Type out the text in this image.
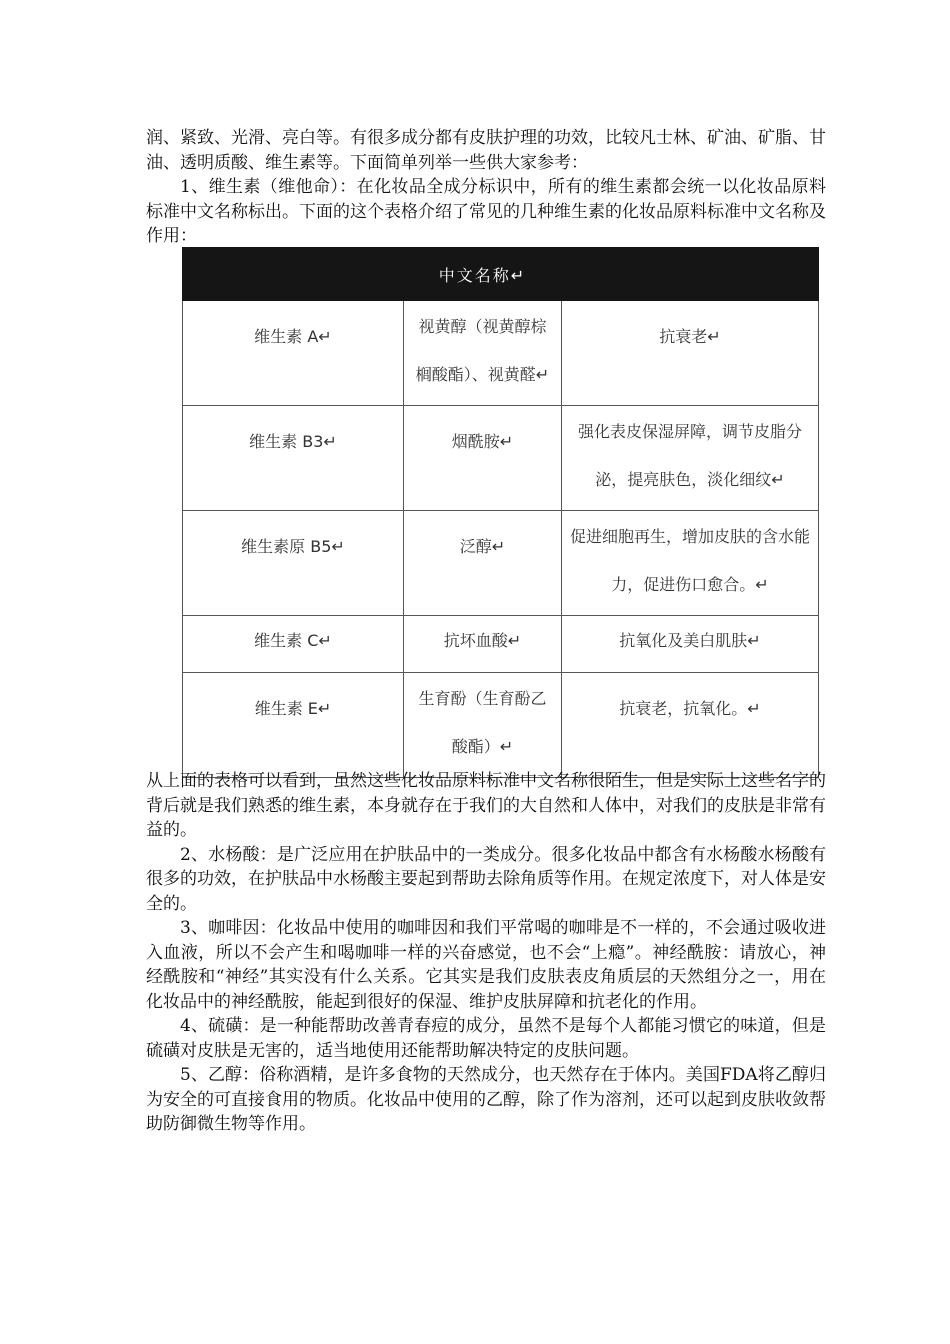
润、紧致、光滑、亮白等。有很多成分都有皮肤护理的功效，比较凡士林、矿油、矿脂、甘油、透明质酸、维生素等。下面简单列举一些供大家参考：

1、维生素（维他命）：在化妆品全成分标识中，所有的维生素都会统一以化妆品原料标准中文名称标出。下面的这个表格介绍了常见的几种维生素的化妆品原料标准中文名称及作用：

	中文名称↵	
维生素 A↵	视黄醇（视黄醇棕榈酸酯）、视黄醛↵	抗衰老↵
维生素 B3↵	烟酰胺↵	强化表皮保湿屏障，调节皮脂分泌，提亮肤色，淡化细纹↵
维生素原 B5↵	泛醇↵	促进细胞再生，增加皮肤的含水能力，促进伤口愈合。↵
维生素 C↵	抗坏血酸↵	抗氧化及美白肌肤↵
维生素 E↵	生育酚（生育酚乙酸酯）↵	抗衰老，抗氧化。↵

从上面的表格可以看到，虽然这些化妆品原料标准中文名称很陌生，但是实际上这些名字的背后就是我们熟悉的维生素，本身就存在于我们的大自然和人体中，对我们的皮肤是非常有益的。

2、水杨酸：是广泛应用在护肤品中的一类成分。很多化妆品中都含有水杨酸水杨酸有很多的功效，在护肤品中水杨酸主要起到帮助去除角质等作用。在规定浓度下，对人体是安全的。

3、咖啡因：化妆品中使用的咖啡因和我们平常喝的咖啡是不一样的，不会通过吸收进入血液，所以不会产生和喝咖啡一样的兴奋感觉，也不会“上瘾”。神经酰胺：请放心，神经酰胺和“神经”其实没有什么关系。它其实是我们皮肤表皮角质层的天然组分之一，用在化妆品中的神经酰胺，能起到很好的保湿、维护皮肤屏障和抗老化的作用。

4、硫磺：是一种能帮助改善青春痘的成分，虽然不是每个人都能习惯它的味道，但是硫磺对皮肤是无害的，适当地使用还能帮助解决特定的皮肤问题。

5、乙醇：俗称酒精，是许多食物的天然成分，也天然存在于体内。美国FDA将乙醇归为安全的可直接食用的物质。化妆品中使用的乙醇，除了作为溶剂，还可以起到皮肤收敛帮助防御微生物等作用。
